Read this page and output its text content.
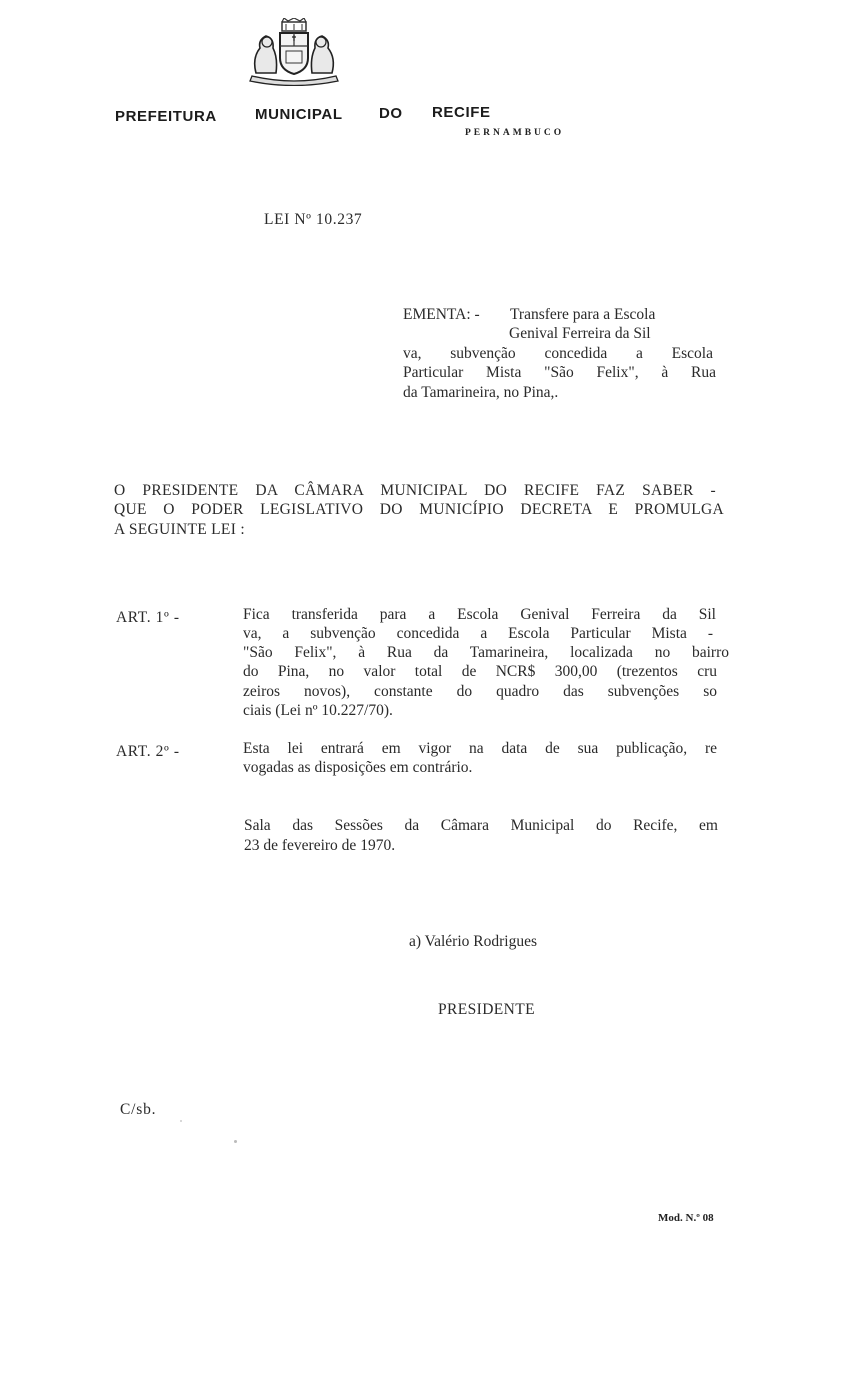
PREFEITURA	MUNICIPAL DO RECIFE
PERNAMBUCO
LEI Nº 10.237
EMENTA: - Transfere para a Escola
Genival Ferreira da Sil
va, subvenção concedida a Escola
Particular Mista "São Felix", à Rua
da Tamarineira, no Pina,.
O PRESIDENTE DA CÂMARA MUNICIPAL DO RECIFE FAZ SABER -
QUE O PODER LEGISLATIVO DO MUNICÍPIO DECRETA E PROMULGA
A SEGUINTE LEI :
ART. 1º -	Fica transferida para a Escola Genival Ferreira da Sil
va, a subvenção concedida a Escola Particular Mista -
"São Felix", à Rua da Tamarineira, localizada no bairro
do Pina, no valor total de NCR$ 300,00 (trezentos cru
zeiros novos), constante do quadro das subvenções so
ciais (Lei nº 10.227/70).
ART. 2º -	Esta lei entrará em vigor na data de sua publicação, re
vogadas as disposições em contrário.
Sala das Sessões da Câmara Municipal do Recife, em
23 de fevereiro de 1970.
a) Valério Rodrigues
PRESIDENTE
C/sb.
Mod. N.º 08
